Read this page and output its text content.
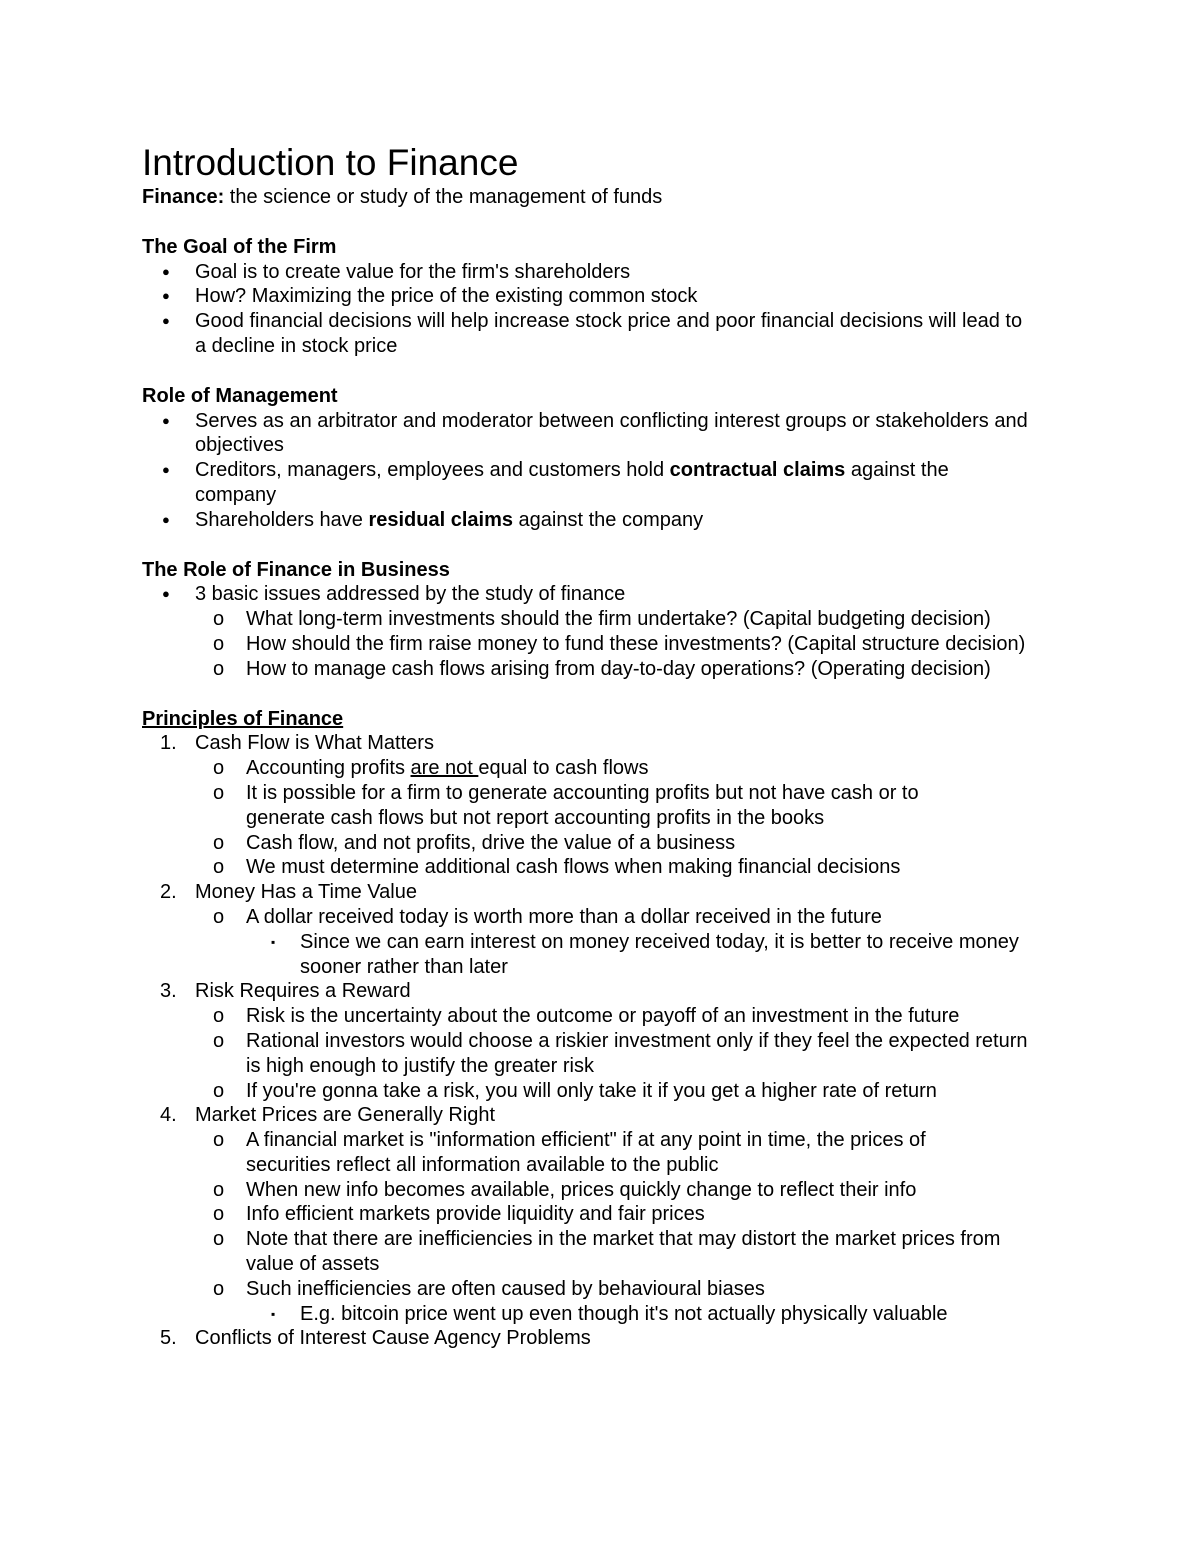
Introduction to Finance

Finance: the science or study of the management of funds

The Goal of the Firm
● Goal is to create value for the firm's shareholders
● How? Maximizing the price of the existing common stock
● Good financial decisions will help increase stock price and poor financial decisions will lead to a decline in stock price
Role of Management
● Serves as an arbitrator and moderator between conflicting interest groups or stakeholders and objectives
● Creditors, managers, employees and customers hold contractual claims against the company
● Shareholders have residual claims against the company
The Role of Finance in Business
● 3 basic issues addressed by the study of finance
o What long-term investments should the firm undertake? (Capital budgeting decision)
o How should the firm raise money to fund these investments? (Capital structure decision)
o How to manage cash flows arising from day-to-day operations? (Operating decision)
Principles of Finance
1. Cash Flow is What Matters
o Accounting profits are not equal to cash flows
o It is possible for a firm to generate accounting profits but not have cash or to generate cash flows but not report accounting profits in the books
o Cash flow, and not profits, drive the value of a business
o We must determine additional cash flows when making financial decisions
2. Money Has a Time Value
o A dollar received today is worth more than a dollar received in the future
▪ Since we can earn interest on money received today, it is better to receive money sooner rather than later
3. Risk Requires a Reward
o Risk is the uncertainty about the outcome or payoff of an investment in the future
o Rational investors would choose a riskier investment only if they feel the expected return is high enough to justify the greater risk
o If you're gonna take a risk, you will only take it if you get a higher rate of return
4. Market Prices are Generally Right
o A financial market is "information efficient" if at any point in time, the prices of securities reflect all information available to the public
o When new info becomes available, prices quickly change to reflect their info
o Info efficient markets provide liquidity and fair prices
o Note that there are inefficiencies in the market that may distort the market prices from value of assets
o Such inefficiencies are often caused by behavioural biases
▪ E.g. bitcoin price went up even though it's not actually physically valuable
5. Conflicts of Interest Cause Agency Problems
